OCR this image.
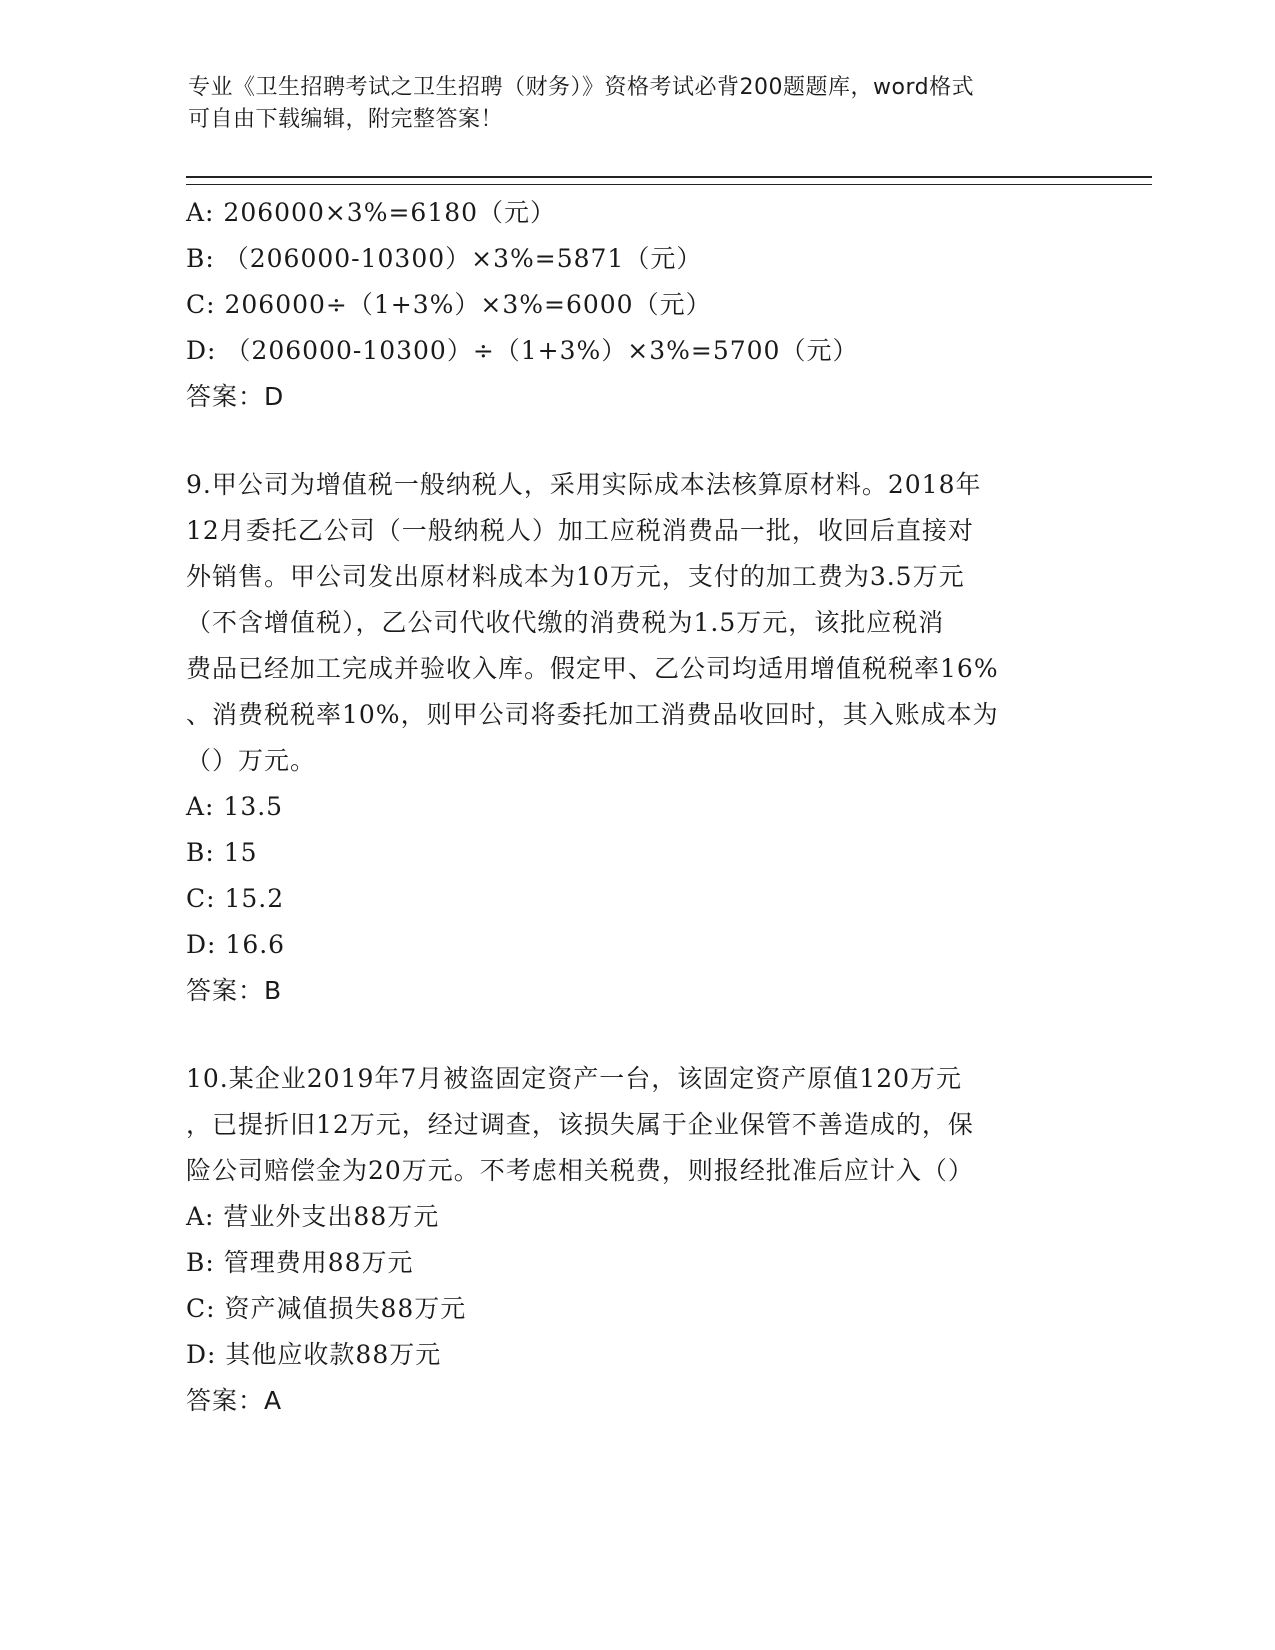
专业《卫生招聘考试之卫生招聘（财务）》资格考试必背200题题库，word格式
可自由下载编辑，附完整答案！
A: 206000×3%=6180（元）
B: （206000-10300）×3%=5871（元）
C: 206000÷（1+3%）×3%=6000（元）
D: （206000-10300）÷（1+3%）×3%=5700（元）
答案：D
9.甲公司为增值税一般纳税人，采用实际成本法核算原材料。2018年
12月委托乙公司（一般纳税人）加工应税消费品一批，收回后直接对
外销售。甲公司发出原材料成本为10万元，支付的加工费为3.5万元
（不含增值税），乙公司代收代缴的消费税为1.5万元，该批应税消
费品已经加工完成并验收入库。假定甲、乙公司均适用增值税税率16%
、消费税税率10%，则甲公司将委托加工消费品收回时，其入账成本为
（）万元。
A: 13.5
B: 15
C: 15.2
D: 16.6
答案：B
10.某企业2019年7月被盗固定资产一台，该固定资产原值120万元
，已提折旧12万元，经过调查，该损失属于企业保管不善造成的，保
险公司赔偿金为20万元。不考虑相关税费，则报经批准后应计入（）
A: 营业外支出88万元
B: 管理费用88万元
C: 资产减值损失88万元
D: 其他应收款88万元
答案：A
